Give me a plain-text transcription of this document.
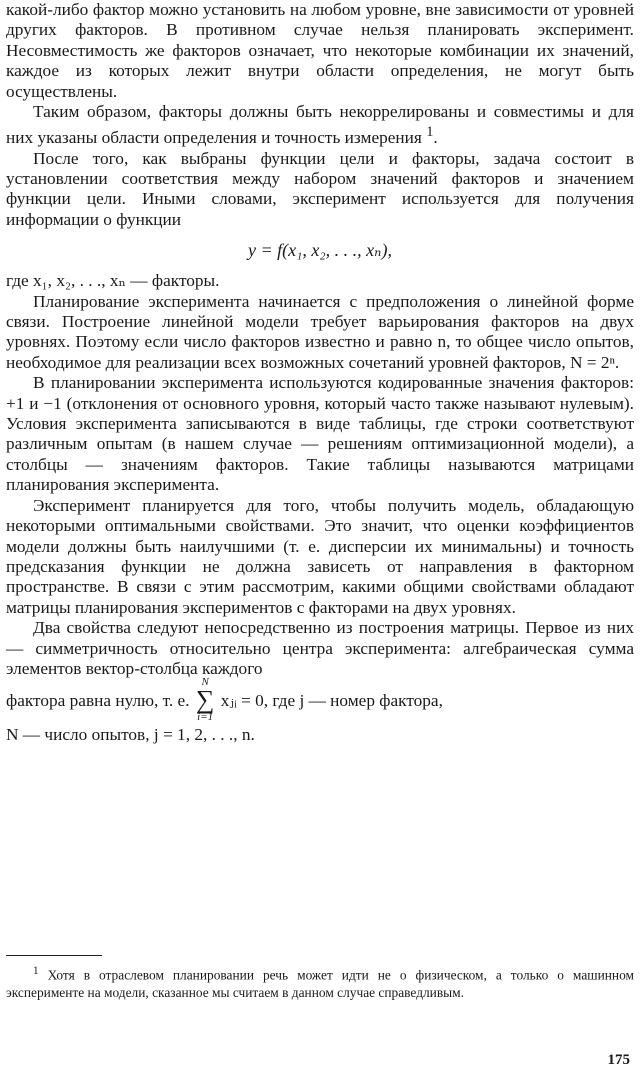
какой-либо фактор можно установить на любом уровне, вне зависимости от уровней других факторов. В противном случае нельзя планировать эксперимент. Несовместимость же факторов означает, что некоторые комбинации их значений, каждое из которых лежит внутри области определения, не могут быть осуществлены.

Таким образом, факторы должны быть некоррелированы и совместимы и для них указаны области определения и точность измерения $^1$.

После того, как выбраны функции цели и факторы, задача состоит в установлении соответствия между набором значений факторов и значением функции цели. Иными словами, эксперимент используется для получения информации о функции

y = f(x₁, x₂, . . ., xₙ),

где x₁, x₂, . . ., xₙ — факторы.

Планирование эксперимента начинается с предположения о линейной форме связи. Построение линейной модели требует варьирования факторов на двух уровнях. Поэтому если число факторов известно и равно n, то общее число опытов, необходимое для реализации всех возможных сочетаний уровней факторов, N = 2ⁿ.

В планировании эксперимента используются кодированные значения факторов: +1 и −1 (отклонения от основного уровня, который часто также называют нулевым). Условия эксперимента записываются в виде таблицы, где строки соответствуют различным опытам (в нашем случае — решениям оптимизационной модели), а столбцы — значениям факторов. Такие таблицы называются матрицами планирования эксперимента.

Эксперимент планируется для того, чтобы получить модель, обладающую некоторыми оптимальными свойствами. Это значит, что оценки коэффициентов модели должны быть наилучшими (т. е. дисперсии их минимальны) и точность предсказания функции не должна зависеть от направления в факторном пространстве. В связи с этим рассмотрим, какими общими свойствами обладают матрицы планирования экспериментов с факторами на двух уровнях.

Два свойства следуют непосредственно из построения матрицы. Первое из них — симметричность относительно центра эксперимента: алгебраическая сумма элементов вектор-столбца каждого

фактора равна нулю, т. е.
N
∑
i=1
xⱼᵢ = 0, где j — номер фактора,

N — число опытов, j = 1, 2, . . ., n.

$^1$ Хотя в отраслевом планировании речь может идти не о физическом, а только о машинном эксперименте на модели, сказанное мы считаем в данном случае справедливым.

175
